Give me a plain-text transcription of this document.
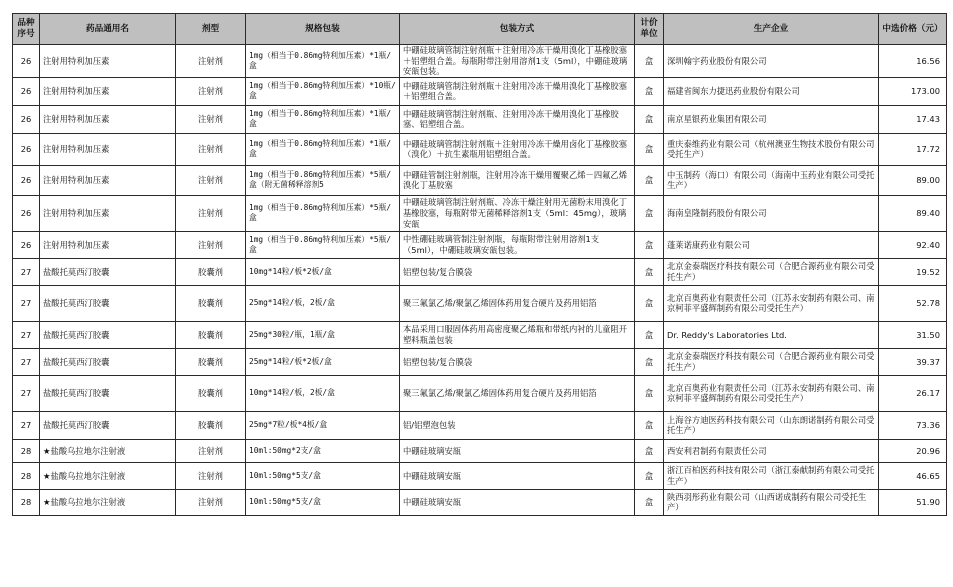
品种序号	药品通用名	剂型	规格包装	包装方式	计价单位	生产企业	中选价格（元）
26	注射用特利加压素	注射剂	1mg（相当于0.86mg特利加压素）*1瓶/盒	中硼硅玻璃管制注射剂瓶＋注射用冷冻干燥用溴化丁基橡胶塞＋铝塑组合盖。每瓶附带注射用溶剂1支（5ml），中硼硅玻璃安瓿包装。	盒	深圳翰宇药业股份有限公司	16.56
26	注射用特利加压素	注射剂	1mg（相当于0.86mg特利加压素）*10瓶/盒	中硼硅玻璃管制注射剂瓶＋注射用冷冻干燥用溴化丁基橡胶塞＋铝塑组合盖。	盒	福建省闽东力捷迅药业股份有限公司	173.00
26	注射用特利加压素	注射剂	1mg（相当于0.86mg特利加压素）*1瓶/盒	中硼硅玻璃管制注射剂瓶、注射用冷冻干燥用溴化丁基橡胶塞、铝塑组合盖。	盒	南京星银药业集团有限公司	17.43
26	注射用特利加压素	注射剂	1mg（相当于0.86mg特利加压素）*1瓶/盒	中硼硅玻璃管制注射剂瓶＋注射用冷冻干燥用卤化丁基橡胶塞（溴化）＋抗生素瓶用铝塑组合盖。	盒	重庆泰维药业有限公司（杭州澳亚生物技术股份有限公司受托生产）	17.72
26	注射用特利加压素	注射剂	1mg（相当于0.86mg特利加压素）*5瓶/盒（附无菌稀释溶剂5	中硼硅管制注射剂瓶，注射用冷冻干燥用覆聚乙烯－四氟乙烯溴化丁基胶塞	盒	中玉制药（海口）有限公司（海南中玉药业有限公司受托生产）	89.00
26	注射用特利加压素	注射剂	1mg（相当于0.86mg特利加压素）*5瓶/盒	中硼硅玻璃管制注射剂瓶、冷冻干燥注射用无菌粉末用溴化丁基橡胶塞，每瓶附带无菌稀释溶剂1支（5ml：45mg），玻璃安瓿	盒	海南皇隆制药股份有限公司	89.40
26	注射用特利加压素	注射剂	1mg（相当于0.86mg特利加压素）*5瓶/盒	中性硼硅玻璃管制注射剂瓶，每瓶附带注射用溶剂1支（5ml），中硼硅玻璃安瓿包装。	盒	蓬莱诺康药业有限公司	92.40
27	盐酸托莫西汀胶囊	胶囊剂	10mg*14粒/板*2板/盒	铝塑包装/复合膜袋	盒	北京金泰瑞医疗科技有限公司（合肥合源药业有限公司受托生产）	19.52
27	盐酸托莫西汀胶囊	胶囊剂	25mg*14粒/板，2板/盒	聚三氟氯乙烯/聚氯乙烯固体药用复合硬片及药用铝箔	盒	北京百奥药业有限责任公司（江苏永安制药有限公司、南京柯菲平盛辉制药有限公司受托生产）	52.78
27	盐酸托莫西汀胶囊	胶囊剂	25mg*30粒/瓶，1瓶/盒	本品采用口服固体药用高密度聚乙烯瓶和带纸内衬的儿童阻开塑料瓶盖包装	盒	Dr. Reddy's Laboratories Ltd.	31.50
27	盐酸托莫西汀胶囊	胶囊剂	25mg*14粒/板*2板/盒	铝塑包装/复合膜袋	盒	北京金泰瑞医疗科技有限公司（合肥合源药业有限公司受托生产）	39.37
27	盐酸托莫西汀胶囊	胶囊剂	10mg*14粒/板，2板/盒	聚三氟氯乙烯/聚氯乙烯固体药用复合硬片及药用铝箔	盒	北京百奥药业有限责任公司（江苏永安制药有限公司、南京柯菲平盛辉制药有限公司受托生产）	26.17
27	盐酸托莫西汀胶囊	胶囊剂	25mg*7粒/板*4板/盒	铝/铝塑泡包装	盒	上海谷方迪医药科技有限公司（山东朗诺制药有限公司受托生产）	73.36
28	★盐酸乌拉地尔注射液	注射剂	10ml:50mg*2支/盒	中硼硅玻璃安瓿	盒	西安利君制药有限责任公司	20.96
28	★盐酸乌拉地尔注射液	注射剂	10ml:50mg*5支/盒	中硼硅玻璃安瓿	盒	浙江百柏医药科技有限公司（浙江泰献制药有限公司受托生产）	46.65
28	★盐酸乌拉地尔注射液	注射剂	10ml:50mg*5支/盒	中硼硅玻璃安瓿	盒	陕西羽彤药业有限公司（山西诺成制药有限公司受托生产）	51.90
